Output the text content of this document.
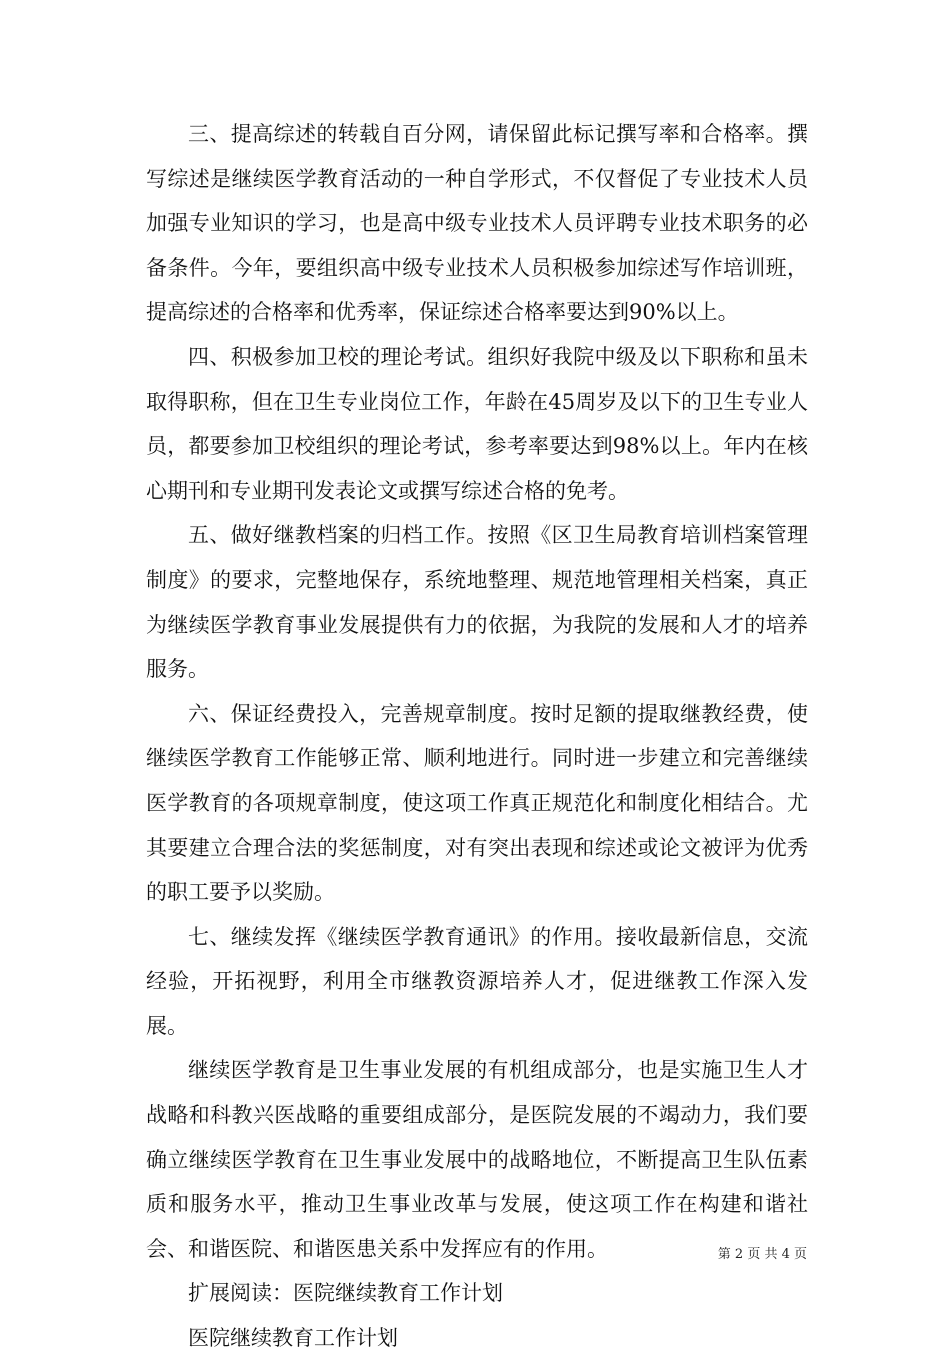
三、提高综述的转载自百分网，请保留此标记撰写率和合格率。撰写综述是继续医学教育活动的一种自学形式，不仅督促了专业技术人员加强专业知识的学习，也是高中级专业技术人员评聘专业技术职务的必备条件。今年，要组织高中级专业技术人员积极参加综述写作培训班，提高综述的合格率和优秀率，保证综述合格率要达到90%以上。

四、积极参加卫校的理论考试。组织好我院中级及以下职称和虽未取得职称，但在卫生专业岗位工作，年龄在45周岁及以下的卫生专业人员，都要参加卫校组织的理论考试，参考率要达到98%以上。年内在核心期刊和专业期刊发表论文或撰写综述合格的免考。

五、做好继教档案的归档工作。按照《区卫生局教育培训档案管理制度》的要求，完整地保存，系统地整理、规范地管理相关档案，真正为继续医学教育事业发展提供有力的依据，为我院的发展和人才的培养服务。

六、保证经费投入，完善规章制度。按时足额的提取继教经费，使继续医学教育工作能够正常、顺利地进行。同时进一步建立和完善继续医学教育的各项规章制度，使这项工作真正规范化和制度化相结合。尤其要建立合理合法的奖惩制度，对有突出表现和综述或论文被评为优秀的职工要予以奖励。

七、继续发挥《继续医学教育通讯》的作用。接收最新信息，交流经验，开拓视野，利用全市继教资源培养人才，促进继教工作深入发展。

继续医学教育是卫生事业发展的有机组成部分，也是实施卫生人才战略和科教兴医战略的重要组成部分，是医院发展的不竭动力，我们要确立继续医学教育在卫生事业发展中的战略地位，不断提高卫生队伍素质和服务水平，推动卫生事业改革与发展，使这项工作在构建和谐社会、和谐医院、和谐医患关系中发挥应有的作用。

扩展阅读：医院继续教育工作计划

医院继续教育工作计划

第 2 页 共 4 页
